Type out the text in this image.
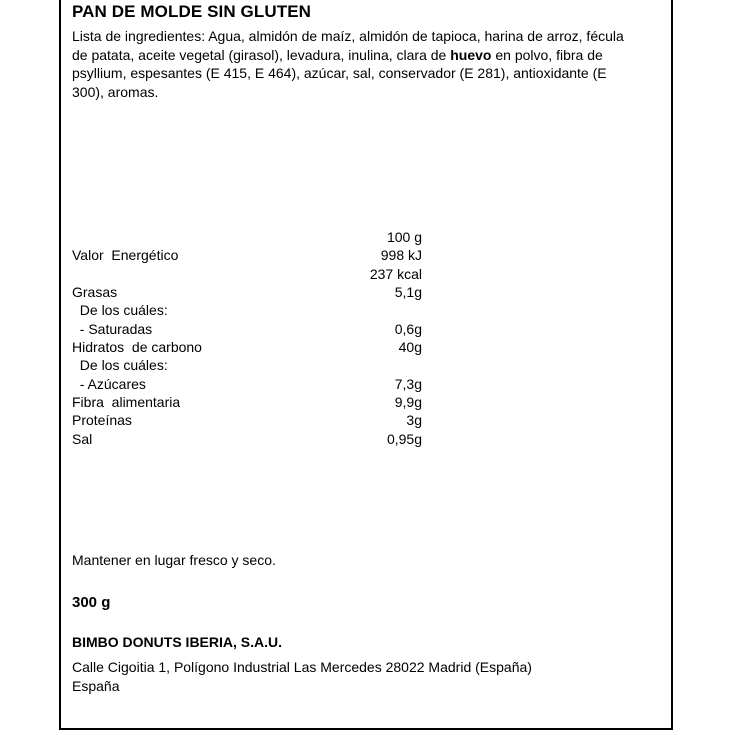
PAN DE MOLDE SIN GLUTEN
Lista de ingredientes: Agua, almidón de maíz, almidón de tapioca, harina de arroz, fécula de patata, aceite vegetal (girasol), levadura, inulina, clara de huevo en polvo, fibra de psyllium, espesantes (E 415, E 464), azúcar, sal, conservador (E 281), antioxidante (E 300), aromas.
100 g
Valor  Energético	998 kJ
237 kcal
Grasas	5,1g
De los cuáles:
- Saturadas	0,6g
Hidratos  de carbono	40g
De los cuáles:
- Azúcares	7,3g
Fibra  alimentaria	9,9g
Proteínas	3g
Sal	0,95g
Mantener en lugar fresco y seco.
300 g
BIMBO DONUTS IBERIA, S.A.U.
Calle Cigoitia 1, Polígono Industrial Las Mercedes 28022 Madrid (España)
España
